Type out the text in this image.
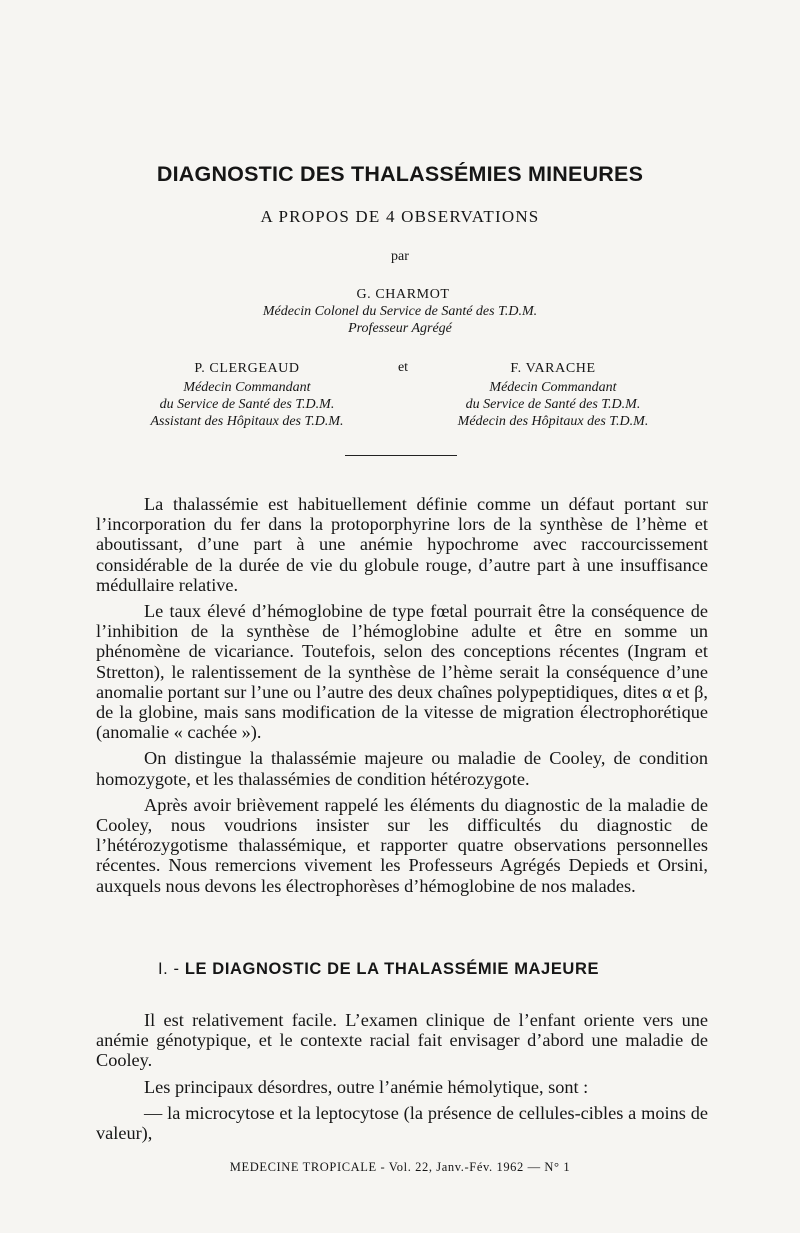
DIAGNOSTIC DES THALASSÉMIES MINEURES
A PROPOS DE 4 OBSERVATIONS
par
G. CHARMOT
Médecin Colonel du Service de Santé des T.D.M.
Professeur Agrégé
P. CLERGEAUD
Médecin Commandant
du Service de Santé des T.D.M.
Assistant des Hôpitaux des T.D.M.
et	F. VARACHE
Médecin Commandant
du Service de Santé des T.D.M.
Médecin des Hôpitaux des T.D.M.

La thalassémie est habituellement définie comme un défaut portant sur l’incorporation du fer dans la protoporphyrine lors de la synthèse de l’hème et aboutissant, d’une part à une anémie hypochrome avec raccourcissement considérable de la durée de vie du globule rouge, d’autre part à une insuffisance médullaire relative.

Le taux élevé d’hémoglobine de type fœtal pourrait être la conséquence de l’inhibition de la synthèse de l’hémoglobine adulte et être en somme un phénomène de vicariance. Toutefois, selon des conceptions récentes (Ingram et Stretton), le ralentissement de la synthèse de l’hème serait la conséquence d’une anomalie portant sur l’une ou l’autre des deux chaînes polypeptidiques, dites α et β, de la globine, mais sans modification de la vitesse de migration électrophorétique (anomalie « cachée »).

On distingue la thalassémie majeure ou maladie de Cooley, de condition homozygote, et les thalassémies de condition hétérozygote.

Après avoir brièvement rappelé les éléments du diagnostic de la maladie de Cooley, nous voudrions insister sur les difficultés du diagnostic de l’hétérozygotisme thalassémique, et rapporter quatre observations personnelles récentes. Nous remercions vivement les Professeurs Agrégés Depieds et Orsini, auxquels nous devons les électrophorèses d’hémoglobine de nos malades.

I. - LE DIAGNOSTIC DE LA THALASSÉMIE MAJEURE

Il est relativement facile. L’examen clinique de l’enfant oriente vers une anémie génotypique, et le contexte racial fait envisager d’abord une maladie de Cooley.

Les principaux désordres, outre l’anémie hémolytique, sont :

— la microcytose et la leptocytose (la présence de cellules-cibles a moins de valeur),

MEDECINE TROPICALE - Vol. 22, Janv.-Fév. 1962 — N° 1
